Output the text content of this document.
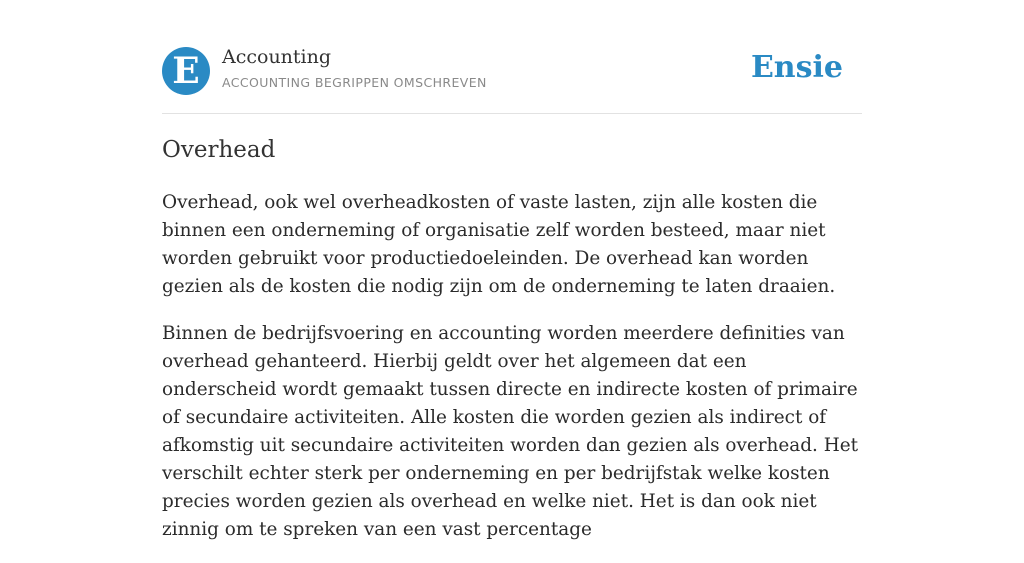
E	Accounting
ACCOUNTING BEGRIPPEN OMSCHREVEN	Ensie
Overhead

Overhead, ook wel overheadkosten of vaste lasten, zijn alle kosten die binnen een onderneming of organisatie zelf worden besteed, maar niet worden gebruikt voor productiedoeleinden. De overhead kan worden gezien als de kosten die nodig zijn om de onderneming te laten draaien.

Binnen de bedrijfsvoering en accounting worden meerdere definities van overhead gehanteerd. Hierbij geldt over het algemeen dat een onderscheid wordt gemaakt tussen directe en indirecte kosten of primaire of secundaire activiteiten. Alle kosten die worden gezien als indirect of afkomstig uit secundaire activiteiten worden dan gezien als overhead. Het verschilt echter sterk per onderneming en per bedrijfstak welke kosten precies worden gezien als overhead en welke niet. Het is dan ook niet zinnig om te spreken van een vast percentage
